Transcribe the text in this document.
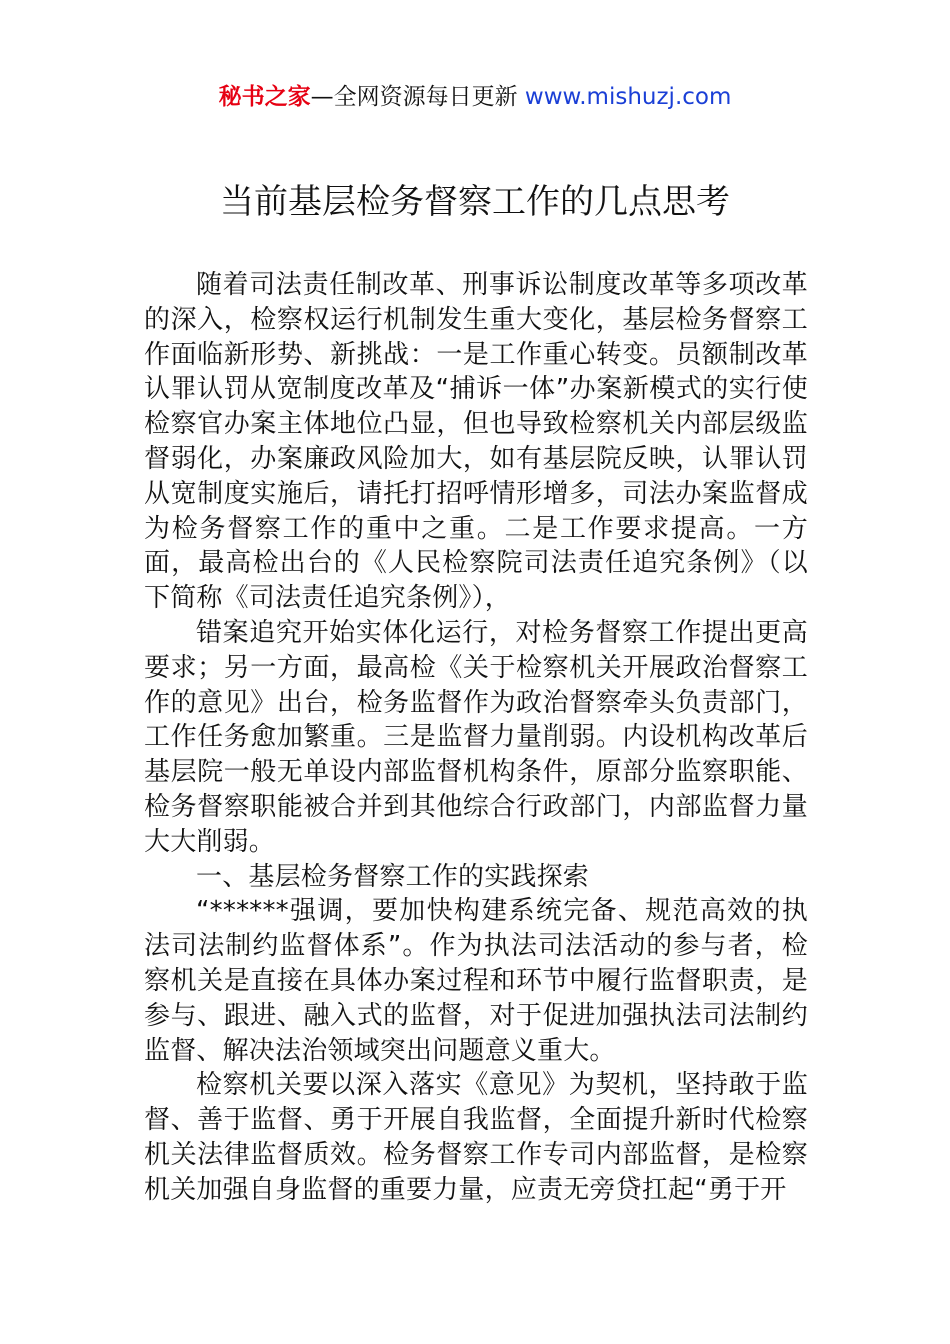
秘书之家—全网资源每日更新 www.mishuzj.com
当前基层检务督察工作的几点思考

随着司法责任制改革、刑事诉讼制度改革等多项改革的深入，检察权运行机制发生重大变化，基层检务督察工作面临新形势、新挑战：一是工作重心转变。员额制改革认罪认罚从宽制度改革及“捕诉一体”办案新模式的实行使检察官办案主体地位凸显，但也导致检察机关内部层级监督弱化，办案廉政风险加大，如有基层院反映，认罪认罚从宽制度实施后，请托打招呼情形增多，司法办案监督成为检务督察工作的重中之重。二是工作要求提高。一方面，最高检出台的《人民检察院司法责任追究条例》（以下简称《司法责任追究条例》），

错案追究开始实体化运行，对检务督察工作提出更高要求；另一方面，最高检《关于检察机关开展政治督察工作的意见》出台，检务监督作为政治督察牵头负责部门，工作任务愈加繁重。三是监督力量削弱。内设机构改革后基层院一般无单设内部监督机构条件，原部分监察职能、检务督察职能被合并到其他综合行政部门，内部监督力量大大削弱。

一、基层检务督察工作的实践探索

“******强调，要加快构建系统完备、规范高效的执法司法制约监督体系”。作为执法司法活动的参与者，检察机关是直接在具体办案过程和环节中履行监督职责，是参与、跟进、融入式的监督，对于促进加强执法司法制约监督、解决法治领域突出问题意义重大。

检察机关要以深入落实《意见》为契机，坚持敢于监督、善于监督、勇于开展自我监督，全面提升新时代检察机关法律监督质效。检务督察工作专司内部监督，是检察机关加强自身监督的重要力量，应责无旁贷扛起“勇于开
